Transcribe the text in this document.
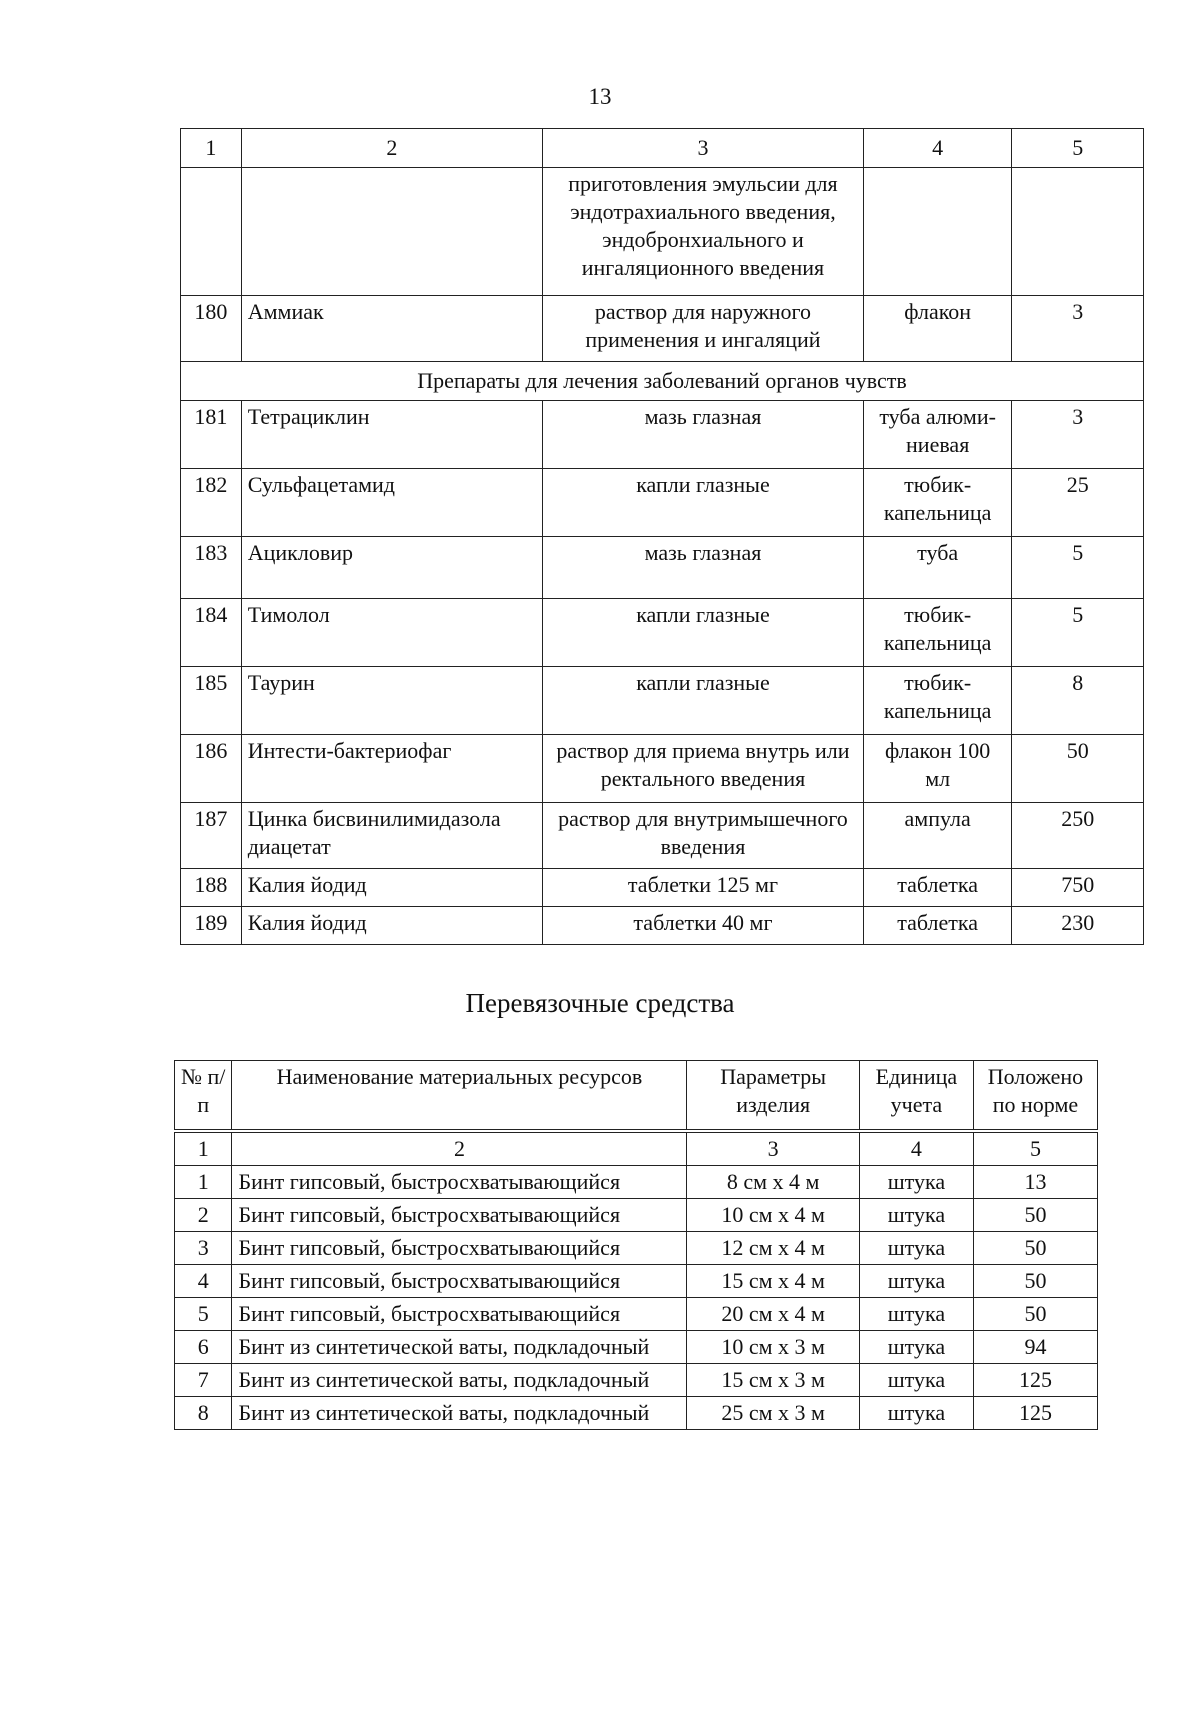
13
1	2	3	4	5
		приготовления эмульсии для эндотрахиального введения, эндобронхиального и ингаляционного введения		
180	Аммиак	раствор для наружного применения и ингаляций	флакон	3
Препараты для лечения заболеваний органов чувств				
181	Тетрациклин	мазь глазная	туба алюми-ниевая	3
182	Сульфацетамид	капли глазные	тюбик-капельница	25
183	Ацикловир	мазь глазная	туба	5
184	Тимолол	капли глазные	тюбик-капельница	5
185	Таурин	капли глазные	тюбик-капельница	8
186	Интести-бактериофаг	раствор для приема внутрь или ректального введения	флакон 100 мл	50
187	Цинка бисвинилимидазола диацетат	раствор для внутримышечного введения	ампула	250
188	Калия йодид	таблетки 125 мг	таблетка	750
189	Калия йодид	таблетки 40 мг	таблетка	230
Перевязочные средства
№ п/п	Наименование материальных ресурсов	Параметры изделия	Единица учета	Положено по норме
1	2	3	4	5
1	Бинт гипсовый, быстросхватывающийся	8 см х 4 м	штука	13
2	Бинт гипсовый, быстросхватывающийся	10 см х 4 м	штука	50
3	Бинт гипсовый, быстросхватывающийся	12 см х 4 м	штука	50
4	Бинт гипсовый, быстросхватывающийся	15 см х 4 м	штука	50
5	Бинт гипсовый, быстросхватывающийся	20 см х 4 м	штука	50
6	Бинт из синтетической ваты, подкладочный	10 см х 3 м	штука	94
7	Бинт из синтетической ваты, подкладочный	15 см х 3 м	штука	125
8	Бинт из синтетической ваты, подкладочный	25 см х 3 м	штука	125
